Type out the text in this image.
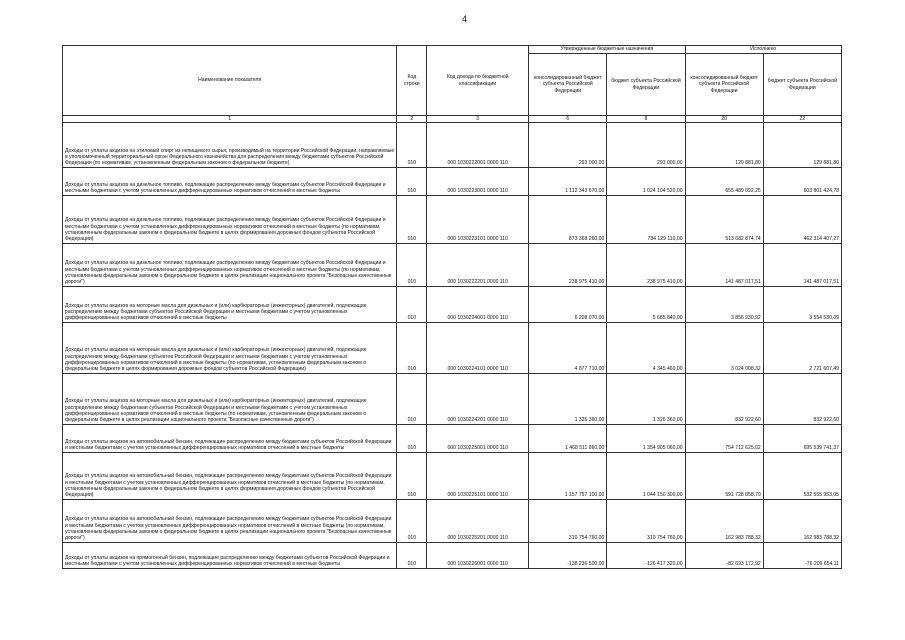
4
Наименование показателя	Код строки	Код дохода по бюджетной классификации	Утвержденные бюджетные назначения		Исполнено	
			консолидированный бюджет субъекта Российской Федерации	бюджет субъекта Российской Федерации	консолидированный бюджет субъекта Российской Федерации	бюджет субъекта Российской Федерации
1	2	3	6	8	20	22
Доходы от уплаты акцизов на этиловый спирт из непищевого сырья, производимый на территории Российской Федерации, направляемые в уполномоченный территориальный орган Федерального казначейства для распределения между бюджетами субъектов Российской Федерации (по нормативам, установленным федеральным законом о федеральном бюджете)	010	000 1030222001 0000 110	293 000,00	293 000,00	129 881,80	129 881,80
Доходы от уплаты акцизов на дизельное топливо, подлежащие распределению между бюджетами субъектов Российской Федерации и местными бюджетами с учетом установленных дифференцированных нормативов отчислений в местные бюджеты	010	000 1030223001 0000 110	1 112 343 670,00	1 024 104 520,00	655 489 092,25	603 801 424,78
Доходы от уплаты акцизов на дизельное топливо, подлежащие распределению между бюджетами субъектов Российской Федерации и местными бюджетами с учетом установленных дифференцированных нормативов отчислений в местные бюджеты (по нормативам, установленным федеральным законом о федеральном бюджете в целях формирования дорожных фондов субъектов Российской Федерации)	010	000 1030223101 0000 110	873 368 260,00	784 129 110,00	513 682 874,74	462 314 407,27
Доходы от уплаты акцизов на дизельное топливо, подлежащие распределению между бюджетами субъектов Российской Федерации и местными бюджетами с учетом установленных дифференцированных нормативов отчислений в местные бюджеты (по нормативам, установленным федеральным законом о федеральном бюджете в целях реализации национального проекта "Безопасные качественные дороги")	010	000 1030222201 0000 110	238 975 410,00	238 975 410,00	141 487 017,51	141 487 017,51
Доходы от уплаты акцизов на моторные масла для дизельных и (или) карбюраторных (инжекторных) двигателей, подлежащие распределению между бюджетами субъектов Российской Федерации и местными бюджетами с учетом установленных дифференцированных нормативов отчислений в местные бюджеты	010	000 1030224001 0000 110	6 208 070,00	5 685 840,00	3 856 930,92	3 554 530,09
Доходы от уплаты акцизов на моторные масла для дизельных и (или) карбюраторных (инжекторных) двигателей, подлежащие распределению между бюджетами субъектов Российской Федерации и местными бюджетами с учетом установленных дифференцированных нормативов отчислений в местные бюджеты (по нормативам, установленным федеральным законом о федеральном бюджете в целях формирования дорожных фондов субъектов Российской Федерации)	010	000 1030224101 0000 110	4 877 710,00	4 345 460,00	3 024 008,32	2 721 607,49
Доходы от уплаты акцизов на моторные масла для дизельных и (или) карбюраторных (инжекторных) двигателей, подлежащие распределению между бюджетами субъектов Российской Федерации и местными бюджетами с учетом установленных дифференцированных нормативов отчислений в местные бюджеты (по нормативам, установленным федеральным законом о федеральном бюджете в целях реализации национального проекта "Безопасные качественные дороги")	010	000 1030224201 0000 110	1 326 360,00	1 326 360,00	832 922,60	832 922,60
Доходы от уплаты акцизов на автомобильный бензин, подлежащие распределению между бюджетами субъектов Российской Федерации и местными бюджетами с учетом установленных дифференцированных нормативов отчислений в местные бюджеты	010	000 1030225001 0000 110	1 468 511 860,00	1 354 905 060,00	754 712 625,02	695 539 741,37
Доходы от уплаты акцизов на автомобильный бензин, подлежащие распределению между бюджетами субъектов Российской Федерации и местными бюджетами с учетом установленных дифференцированных нормативов отчислений в местные бюджеты (по нормативам, установленным федеральным законом о федеральном бюджете в целях формирования дорожных фондов субъектов Российской Федерации)	010	000 1030225101 0000 110	1 157 757 100,00	1 044 150 300,00	591 728 858,70	532 555 953,05
Доходы от уплаты акцизов на автомобильный бензин, подлежащие распределению между бюджетами субъектов Российской Федерации и местными бюджетами с учетом установленных дифференцированных нормативов отчислений в местные бюджеты (по нормативам, установленным федеральным законом о федеральном бюджете в целях реализации национального проекта "Безопасные качественные дороги")	010	000 1030225201 0000 110	310 754 760,00	310 754 760,00	162 983 788,32	162 983 788,32
Доходы от уплаты акцизов на прямогонный бензин, подлежащие распределению между бюджетами субъектов Российской Федерации и местными бюджетами с учетом установленных дифференцированных нормативов отчислений в местные бюджеты	010	000 1030226001 0000 110	-138 236 500,00	-126 417 320,00	-82 693 172,92	-76 209 654,11
